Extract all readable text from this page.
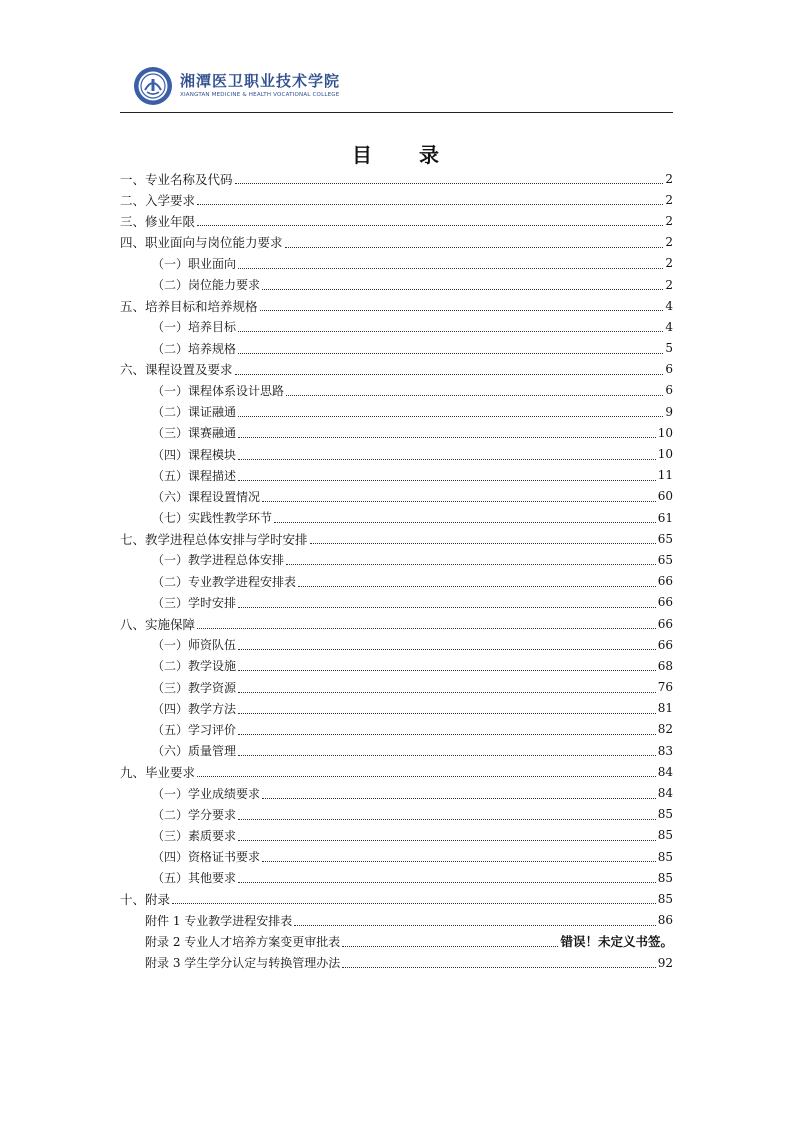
湘潭医卫职业技术学院
XIANGTAN MEDICINE & HEALTH VOCATIONAL COLLEGE
目 录
一、专业名称及代码	2
二、入学要求	2
三、修业年限	2
四、职业面向与岗位能力要求	2
（一）职业面向	2
（二）岗位能力要求	2
五、培养目标和培养规格	4
（一）培养目标	4
（二）培养规格	5
六、课程设置及要求	6
（一）课程体系设计思路	6
（二）课证融通	9
（三）课赛融通	10
（四）课程模块	10
（五）课程描述	11
（六）课程设置情况	60
（七）实践性教学环节	61
七、教学进程总体安排与学时安排	65
（一）教学进程总体安排	65
（二）专业教学进程安排表	66
（三）学时安排	66
八、实施保障	66
（一）师资队伍	66
（二）教学设施	68
（三）教学资源	76
（四）教学方法	81
（五）学习评价	82
（六）质量管理	83
九、毕业要求	84
（一）学业成绩要求	84
（二）学分要求	85
（三）素质要求	85
（四）资格证书要求	85
（五）其他要求	85
十、附录	85
附件 1 专业教学进程安排表	86
附录 2 专业人才培养方案变更审批表	错误！未定义书签。
附录 3 学生学分认定与转换管理办法	92
